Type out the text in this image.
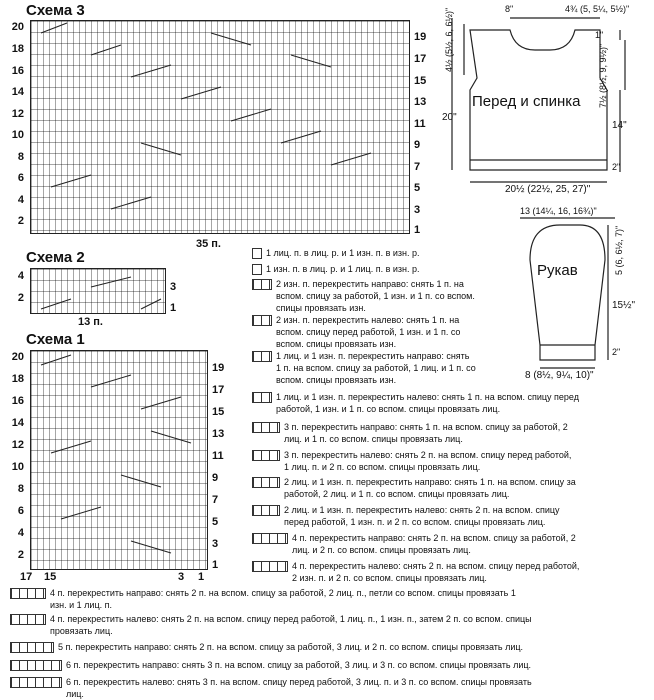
Схема 3
20
18
16
14
12
10
8
6
4
2
19
17
15
13
11
9
7
5
3
1
35 п.
Схема 2
4
2
3
1
13 п.
Схема 1
20
18
16
14
12
10
8
6
4
2
19
17
15
13
11
9
7
5
3
1
17 15	3 1
1 лиц. п. в лиц. р. и 1 изн. п. в изн. р.
1 изн. п. в лиц. р. и 1 лиц. п. в изн. р.
2 изн. п. перекрестить направо: снять 1 п. на
вспом. спицу за работой, 1 изн. и 1 п. со вспом.
спицы провязать изн.
2 изн. п. перекрестить налево: снять 1 п. на
вспом. спицу перед работой, 1 изн. и 1 п. со
вспом. спицы провязать изн.
1 лиц. и 1 изн. п. перекрестить направо: снять
1 п. на вспом. спицу за работой, 1 лиц. и 1 п. со
вспом. спицы провязать изн.
1 лиц. и 1 изн. п. перекрестить налево: снять 1 п. на вспом. спицу перед
работой, 1 изн. и 1 п. со вспом. спицы провязать лиц.
3 п. перекрестить направо: снять 1 п. на вспом. спицу за работой, 2
лиц. и 1 п. со вспом. спицы провязать лиц.
3 п. перекрестить налево: снять 2 п. на вспом. спицу перед работой,
1 лиц. п. и 2 п. со вспом. спицы провязать лиц.
2 лиц. и 1 изн. п. перекрестить направо: снять 1 п. на вспом. спицу за
работой, 2 лиц. и 1 п. со вспом. спицы провязать лиц.
2 лиц. и 1 изн. п. перекрестить налево: снять 2 п. на вспом. спицу
перед работой, 1 изн. п. и 2 п. со вспом. спицы провязать лиц.
4 п. перекрестить направо: снять 2 п. на вспом. спицу за работой, 2
лиц. и 2 п. со вспом. спицы провязать лиц.
4 п. перекрестить налево: снять 2 п. на вспом. спицу перед работой,
2 изн. п. и 2 п. со вспом. спицы провязать лиц.
4 п. перекрестить направо: снять 2 п. на вспом. спицу за работой, 2 лиц. п., петли со вспом. спицы провязать 1
изн. и 1 лиц. п.
4 п. перекрестить налево: снять 2 п. на вспом. спицу перед работой, 1 лиц. п., 1 изн. п., затем 2 п. со вспом. спицы
провязать лиц.
5 п. перекрестить направо: снять 2 п. на вспом. спицу за работой, 3 лиц. и 2 п. со вспом. спицы провязать лиц.
6 п. перекрестить направо: снять 3 п. на вспом. спицу за работой, 3 лиц. и 3 п. со вспом. спицы провязать лиц.
6 п. перекрестить налево: снять 3 п. на вспом. спицу перед работой, 3 лиц. п. и 3 п. со вспом. спицы провязать
лиц.
8"	4¾ (5, 5¼, 5½)"
1"
4½ (5½, 6, 6½)"
7½ (8½, 9, 9½)"
20"
14"
2"
20½ (22½, 25, 27)"
Перед и спинка
13 (14¼, 16, 16¾)"
5 (6, 6½, 7)"
15½"
2"
8 (8½, 9¼, 10)"
Рукав
